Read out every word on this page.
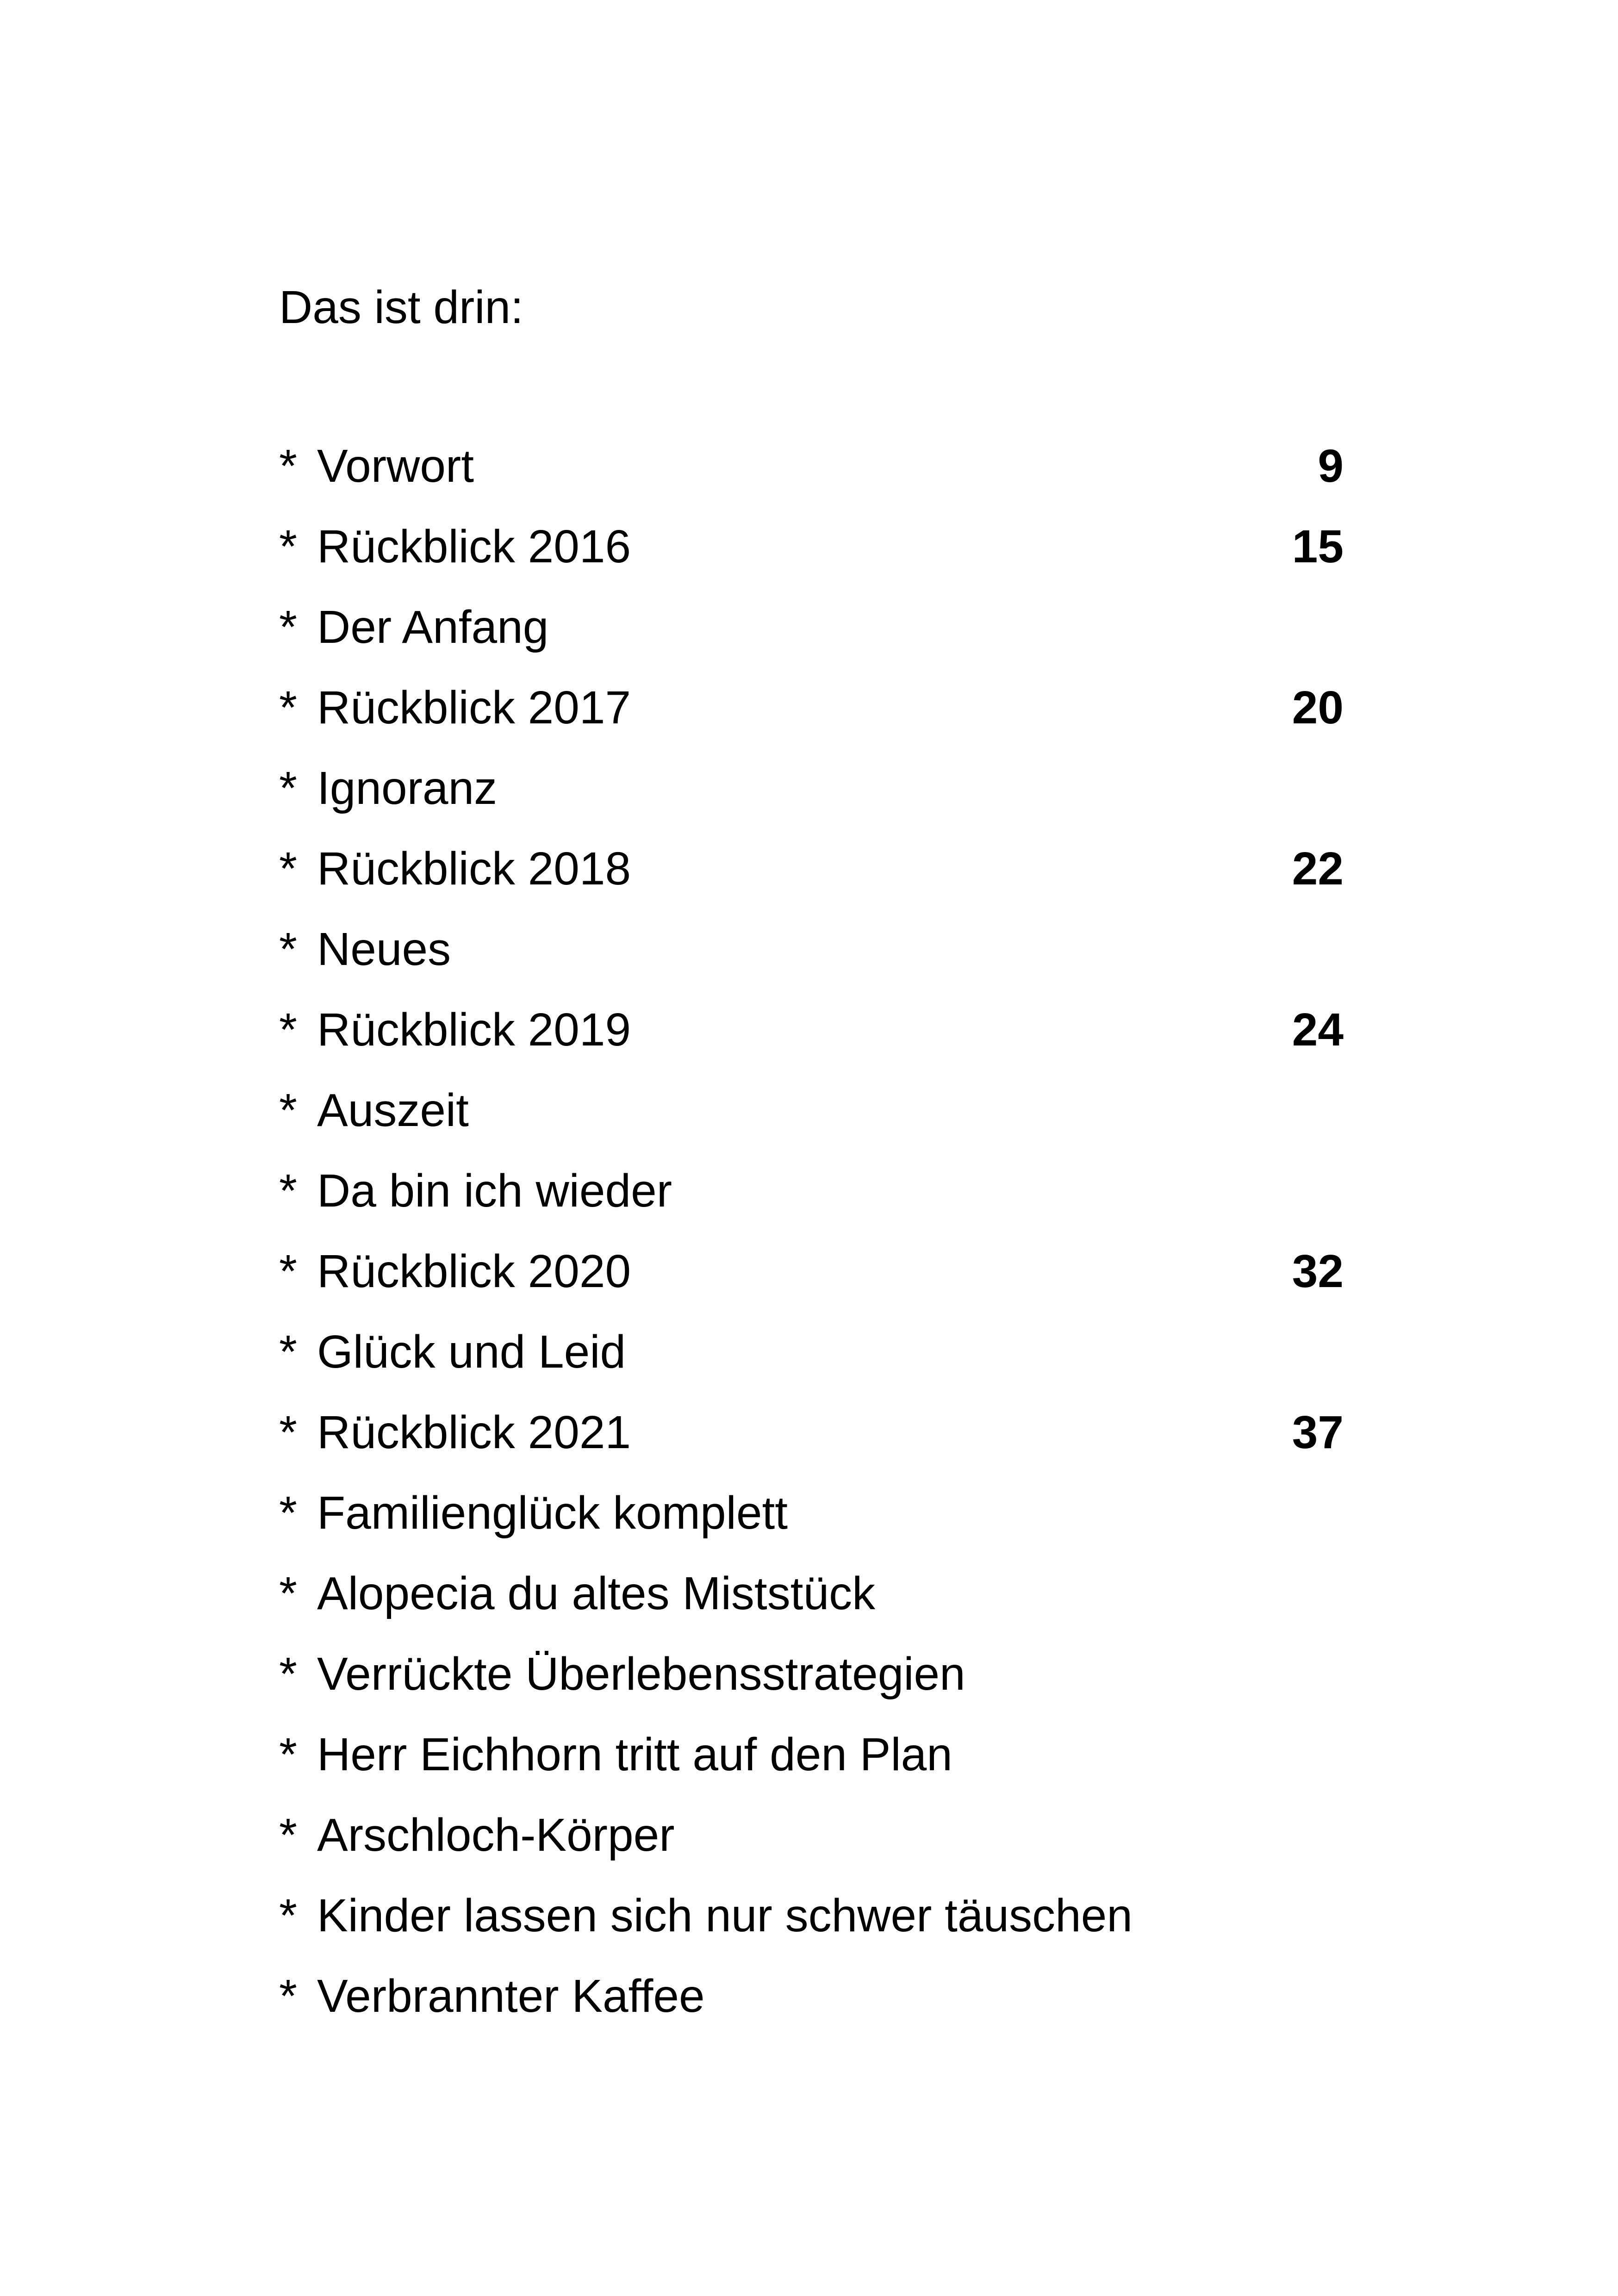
Das ist drin:
* Vorwort	9
* Rückblick 2016	15
* Der Anfang
* Rückblick 2017	20
* Ignoranz
* Rückblick 2018	22
* Neues
* Rückblick 2019	24
* Auszeit
* Da bin ich wieder
* Rückblick 2020	32
* Glück und Leid
* Rückblick 2021	37
* Familienglück komplett
* Alopecia du altes Miststück
* Verrückte Überlebensstrategien
* Herr Eichhorn tritt auf den Plan
* Arschloch-Körper
* Kinder lassen sich nur schwer täuschen
* Verbrannter Kaffee
